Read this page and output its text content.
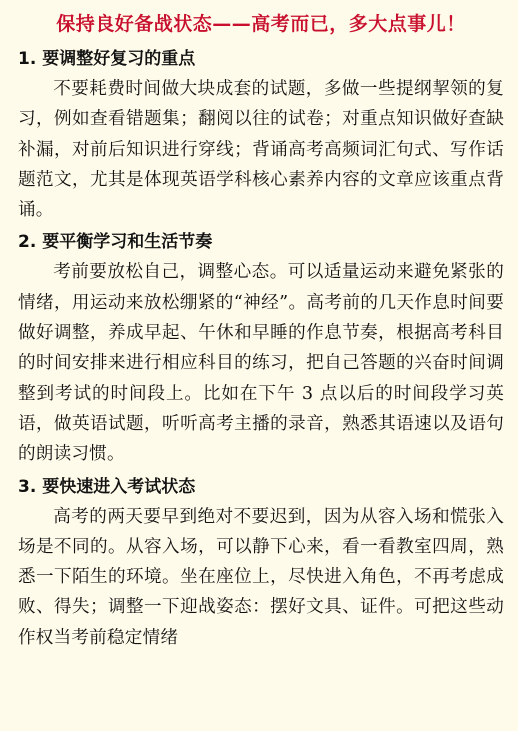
保持良好备战状态——高考而已，多大点事儿！

1. 要调整好复习的重点

不要耗费时间做大块成套的试题，多做一些提纲挈领的复习，例如查看错题集；翻阅以往的试卷；对重点知识做好查缺补漏，对前后知识进行穿线；背诵高考高频词汇句式、写作话题范文，尤其是体现英语学科核心素养内容的文章应该重点背诵。

2. 要平衡学习和生活节奏

考前要放松自己，调整心态。可以适量运动来避免紧张的情绪，用运动来放松绷紧的“神经”。高考前的几天作息时间要做好调整，养成早起、午休和早睡的作息节奏，根据高考科目的时间安排来进行相应科目的练习，把自己答题的兴奋时间调整到考试的时间段上。比如在下午 3 点以后的时间段学习英语，做英语试题，听听高考主播的录音，熟悉其语速以及语句的朗读习惯。

3. 要快速进入考试状态

高考的两天要早到绝对不要迟到，因为从容入场和慌张入场是不同的。从容入场，可以静下心来，看一看教室四周，熟悉一下陌生的环境。坐在座位上，尽快进入角色，不再考虑成败、得失；调整一下迎战姿态：摆好文具、证件。可把这些动作权当考前稳定情绪
